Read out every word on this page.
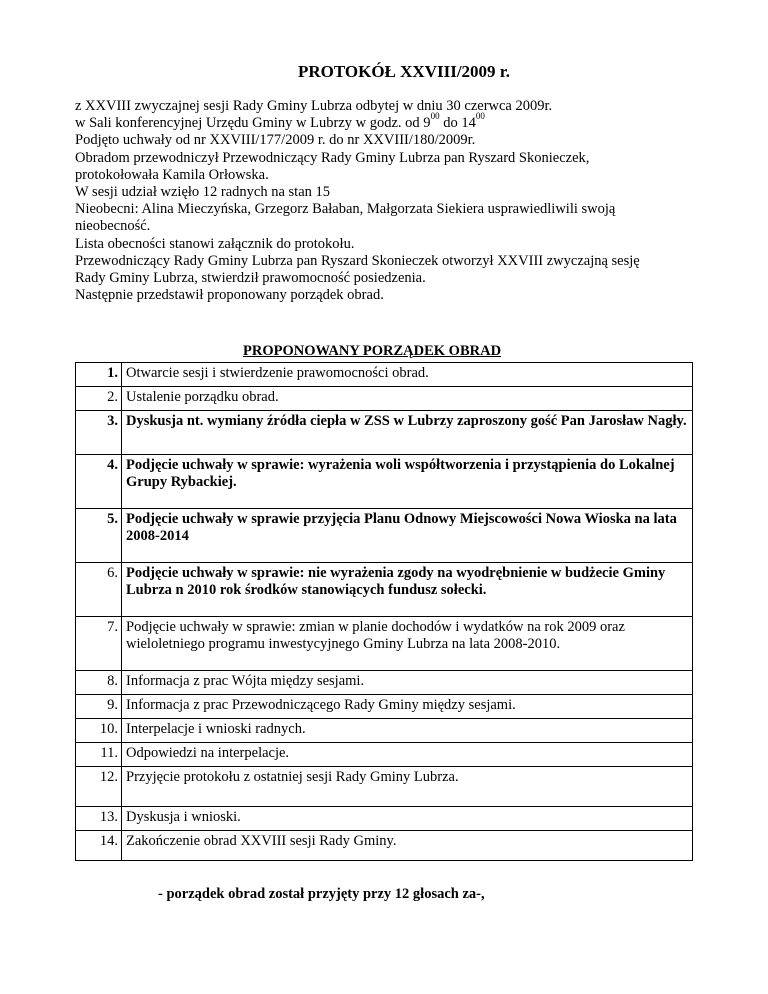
PROTOKÓŁ XXVIII/2009 r.
z XXVIII zwyczajnej sesji Rady Gminy Lubrza odbytej w dniu 30 czerwca 2009r.
w Sali konferencyjnej Urzędu Gminy w Lubrzy w godz. od $9^{00}$ do $14^{00}$
Podjęto uchwały od nr XXVIII/177/2009 r. do nr XXVIII/180/2009r.
Obradom przewodniczył Przewodniczący Rady Gminy Lubrza pan Ryszard Skonieczek,
protokołowała Kamila Orłowska.
W sesji udział wzięło 12 radnych na stan 15
Nieobecni: Alina Mieczyńska, Grzegorz Bałaban, Małgorzata Siekiera usprawiedliwili swoją
nieobecność.
Lista obecności stanowi załącznik do protokołu.
Przewodniczący Rady Gminy Lubrza pan Ryszard Skonieczek otworzył XXVIII zwyczajną sesję
Rady Gminy Lubrza, stwierdził prawomocność posiedzenia.
Następnie przedstawił proponowany porządek obrad.
PROPONOWANY PORZĄDEK OBRAD
1.	Otwarcie sesji i stwierdzenie prawomocności obrad.
2.	Ustalenie porządku obrad.
3.	Dyskusja nt. wymiany źródła ciepła w ZSS w Lubrzy zaproszony gość Pan Jarosław Nagły.
4.	Podjęcie uchwały w sprawie: wyrażenia woli współtworzenia i przystąpienia do Lokalnej Grupy Rybackiej.
5.	Podjęcie uchwały w sprawie przyjęcia Planu Odnowy Miejscowości Nowa Wioska na lata 2008-2014
6.	Podjęcie uchwały w sprawie: nie wyrażenia zgody na wyodrębnienie w budżecie Gminy Lubrza n 2010 rok środków stanowiących fundusz sołecki.
7.	Podjęcie uchwały w sprawie: zmian w planie dochodów i wydatków na rok 2009 oraz wieloletniego programu inwestycyjnego Gminy Lubrza na lata 2008-2010.
8.	Informacja z prac Wójta między sesjami.
9.	Informacja z prac Przewodniczącego Rady Gminy między sesjami.
10.	Interpelacje i wnioski radnych.
11.	Odpowiedzi na interpelacje.
12.	Przyjęcie protokołu z ostatniej sesji Rady Gminy Lubrza.
13.	Dyskusja i wnioski.
14.	Zakończenie obrad XXVIII sesji Rady Gminy.
- porządek obrad został przyjęty przy 12 głosach za-,
